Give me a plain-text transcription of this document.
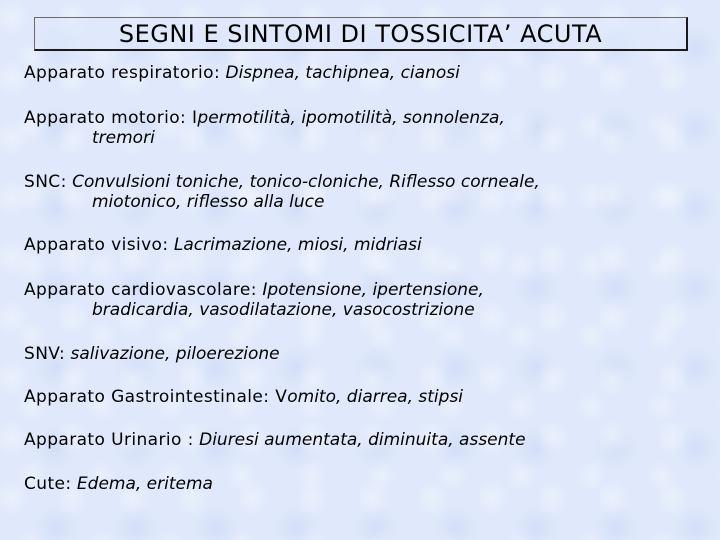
SEGNI E SINTOMI DI TOSSICITA’ ACUTA
Apparato respiratorio: Dispnea, tachipnea, cianosi
Apparato motorio: Ipermotilità, ipomotilità, sonnolenza,
tremori
SNC: Convulsioni toniche, tonico-cloniche, Riflesso corneale,
miotonico, riflesso alla luce
Apparato visivo: Lacrimazione, miosi, midriasi
Apparato cardiovascolare: Ipotensione, ipertensione,
bradicardia, vasodilatazione, vasocostrizione
SNV: salivazione, piloerezione
Apparato Gastrointestinale: Vomito, diarrea, stipsi
Apparato Urinario : Diuresi aumentata, diminuita, assente
Cute: Edema, eritema
